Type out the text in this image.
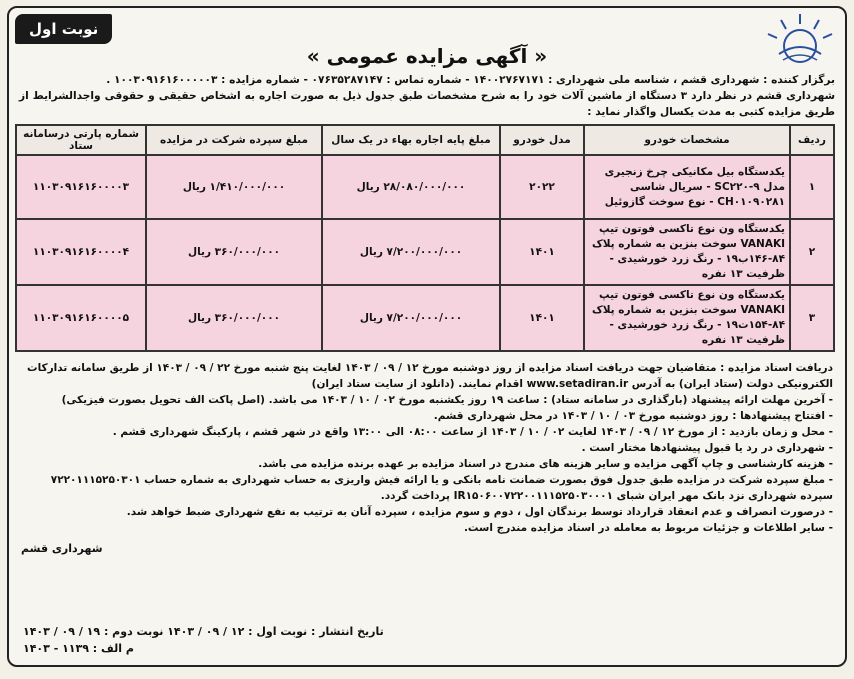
نوبت اول
« آگهی مزایده عمومی »
برگزار کننده : شهرداری قشم ، شناسه ملی شهرداری : ۱۴۰۰۲۷۶۷۱۷۱ - شماره تماس : ۰۷۶۳۵۲۸۷۱۴۷ - شماره مزایده : ۱۰۰۳۰۹۱۶۱۶۰۰۰۰۰۳ .
شهرداری قشم در نظر دارد ۳ دستگاه از ماشین آلات خود را به شرح مشخصات طبق جدول ذیل به صورت اجاره به اشخاص حقیقی و حقوقی واجدالشرایط از طریق مزایده کتبی به مدت یکسال واگذار نماید :
ردیف	مشخصات خودرو	مدل خودرو	مبلغ پایه اجاره بهاء در یک سال	مبلغ سپرده شرکت در مزایده	شماره پارتی درسامانه ستاد
۱	یکدستگاه بیل مکانیکی چرخ زنجیری مدل SC۲۲۰-۹ - سریال شاسی CH۰۱۰۹۰۲۸۱ - نوع سوخت گازوئیل	۲۰۲۲	۲۸/۰۸۰/۰۰۰/۰۰۰ ریال	۱/۴۱۰/۰۰۰/۰۰۰ ریال	۱۱۰۳۰۹۱۶۱۶۰۰۰۰۳
۲	یکدستگاه ون نوع تاکسی فوتون تیپ VANAKI سوخت بنزین به شماره پلاک ۸۴-۱۴۶ب۱۹ - رنگ زرد خورشیدی - ظرفیت ۱۳ نفره	۱۴۰۱	۷/۲۰۰/۰۰۰/۰۰۰ ریال	۳۶۰/۰۰۰/۰۰۰ ریال	۱۱۰۳۰۹۱۶۱۶۰۰۰۰۴
۳	یکدستگاه ون نوع تاکسی فوتون تیپ VANAKI سوخت بنزین به شماره پلاک ۸۴-۱۵۴ت۱۹ - رنگ زرد خورشیدی - ظرفیت ۱۳ نفره	۱۴۰۱	۷/۲۰۰/۰۰۰/۰۰۰ ریال	۳۶۰/۰۰۰/۰۰۰ ریال	۱۱۰۳۰۹۱۶۱۶۰۰۰۰۵
دریافت اسناد مزایده : متقاضیان جهت دریافت اسناد مزایده از روز دوشنبه مورخ ۱۲ / ۰۹ / ۱۴۰۳ لغایت پنج شنبه مورخ ۲۲ / ۰۹ / ۱۴۰۳ از طریق سامانه تدارکات الکترونیکی دولت (ستاد ایران) به آدرس www.setadiran.ir اقدام نمایند. (دانلود از سایت ستاد ایران)
- آخرین مهلت ارائه پیشنهاد (بارگذاری در سامانه ستاد) : ساعت ۱۹ روز یکشنبه مورخ ۰۲ / ۱۰ / ۱۴۰۳ می باشد. (اصل پاکت الف تحویل بصورت فیزیکی)
- افتتاح پیشنهادها : روز دوشنبه مورخ ۰۳ / ۱۰ / ۱۴۰۳ در محل شهرداری قشم.
- محل و زمان بازدید : از مورخ ۱۲ / ۰۹ / ۱۴۰۳ لغایت ۰۲ / ۱۰ / ۱۴۰۳ از ساعت ۰۸:۰۰ الی ۱۳:۰۰ واقع در شهر قشم ، پارکینگ شهرداری قشم .
- شهرداری در رد یا قبول پیشنهادها مختار است .
- هزینه کارشناسی و چاپ آگهی مزایده و سایر هزینه های مندرج در اسناد مزایده بر عهده برنده مزایده می باشد.
- مبلغ سپرده شرکت در مزایده طبق جدول فوق بصورت ضمانت نامه بانکی و یا ارائه فیش واریزی به حساب شهرداری به شماره حساب ۷۲۲۰۱۱۱۵۲۵۰۳۰۱ سپرده شهرداری نزد بانک مهر ایران شبای IR۱۵۰۶۰۰۷۲۲۰۰۱۱۱۵۲۵۰۳۰۰۰۱ پرداخت گردد.
- درصورت انصراف و عدم انعقاد قرارداد توسط برندگان اول ، دوم و سوم مزایده ، سپرده آنان به ترتیب به نفع شهرداری ضبط خواهد شد.
- سایر اطلاعات و جزئیات مربوط به معامله در اسناد مزایده مندرج است.
شهرداری قشم
تاریخ انتشار : نوبت اول : ۱۲ / ۰۹ / ۱۴۰۳ نوبت دوم : ۱۹ / ۰۹ / ۱۴۰۳
م الف : ۱۱۳۹ - ۱۴۰۳
